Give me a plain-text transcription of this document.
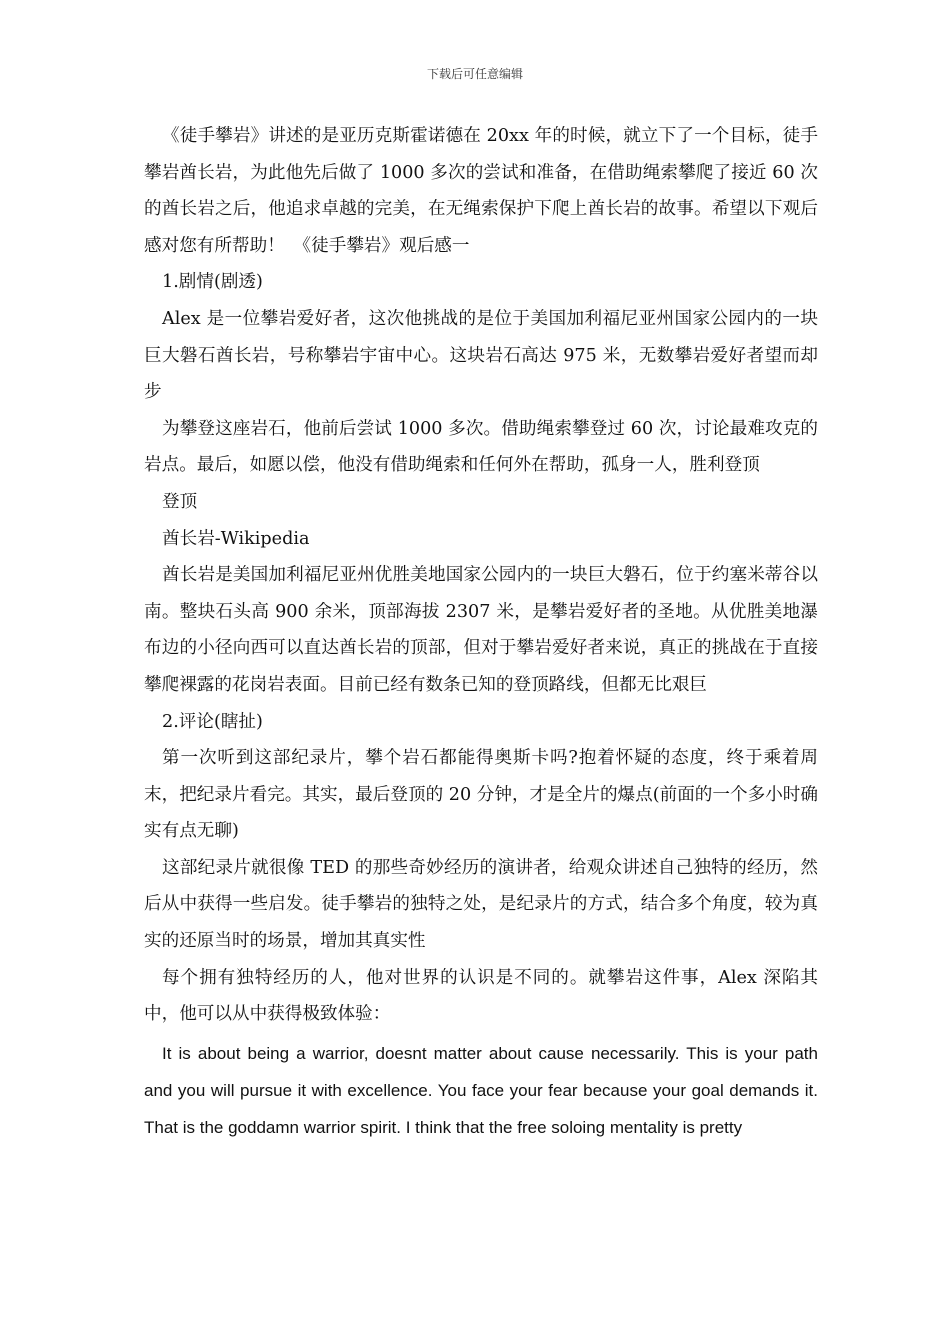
下载后可任意编辑

《徒手攀岩》讲述的是亚历克斯霍诺德在 20xx 年的时候，就立下了一个目标，徒手攀岩酋长岩，为此他先后做了 1000 多次的尝试和准备，在借助绳索攀爬了接近 60 次的酋长岩之后，他追求卓越的完美，在无绳索保护下爬上酋长岩的故事。希望以下观后感对您有所帮助！　《徒手攀岩》观后感一

1.剧情(剧透)

Alex 是一位攀岩爱好者，这次他挑战的是位于美国加利福尼亚州国家公园内的一块巨大磐石酋长岩，号称攀岩宇宙中心。这块岩石高达 975 米，无数攀岩爱好者望而却步

为攀登这座岩石，他前后尝试 1000 多次。借助绳索攀登过 60 次，讨论最难攻克的岩点。最后，如愿以偿，他没有借助绳索和任何外在帮助，孤身一人，胜利登顶

登顶

酋长岩-Wikipedia

酋长岩是美国加利福尼亚州优胜美地国家公园内的一块巨大磐石，位于约塞米蒂谷以南。整块石头高 900 余米，顶部海拔 2307 米，是攀岩爱好者的圣地。从优胜美地瀑布边的小径向西可以直达酋长岩的顶部，但对于攀岩爱好者来说，真正的挑战在于直接攀爬裸露的花岗岩表面。目前已经有数条已知的登顶路线，但都无比艰巨

2.评论(瞎扯)

第一次听到这部纪录片，攀个岩石都能得奥斯卡吗?抱着怀疑的态度，终于乘着周末，把纪录片看完。其实，最后登顶的 20 分钟，才是全片的爆点(前面的一个多小时确实有点无聊)

这部纪录片就很像 TED 的那些奇妙经历的演讲者，给观众讲述自己独特的经历，然后从中获得一些启发。徒手攀岩的独特之处，是纪录片的方式，结合多个角度，较为真实的还原当时的场景，增加其真实性

每个拥有独特经历的人，他对世界的认识是不同的。就攀岩这件事，Alex 深陷其中，他可以从中获得极致体验：

It is about being a warrior, doesnt matter about cause necessarily. This is your path and you will pursue it with excellence. You face your fear because your goal demands it. That is the goddamn warrior spirit. I think that the free soloing mentality is pretty
